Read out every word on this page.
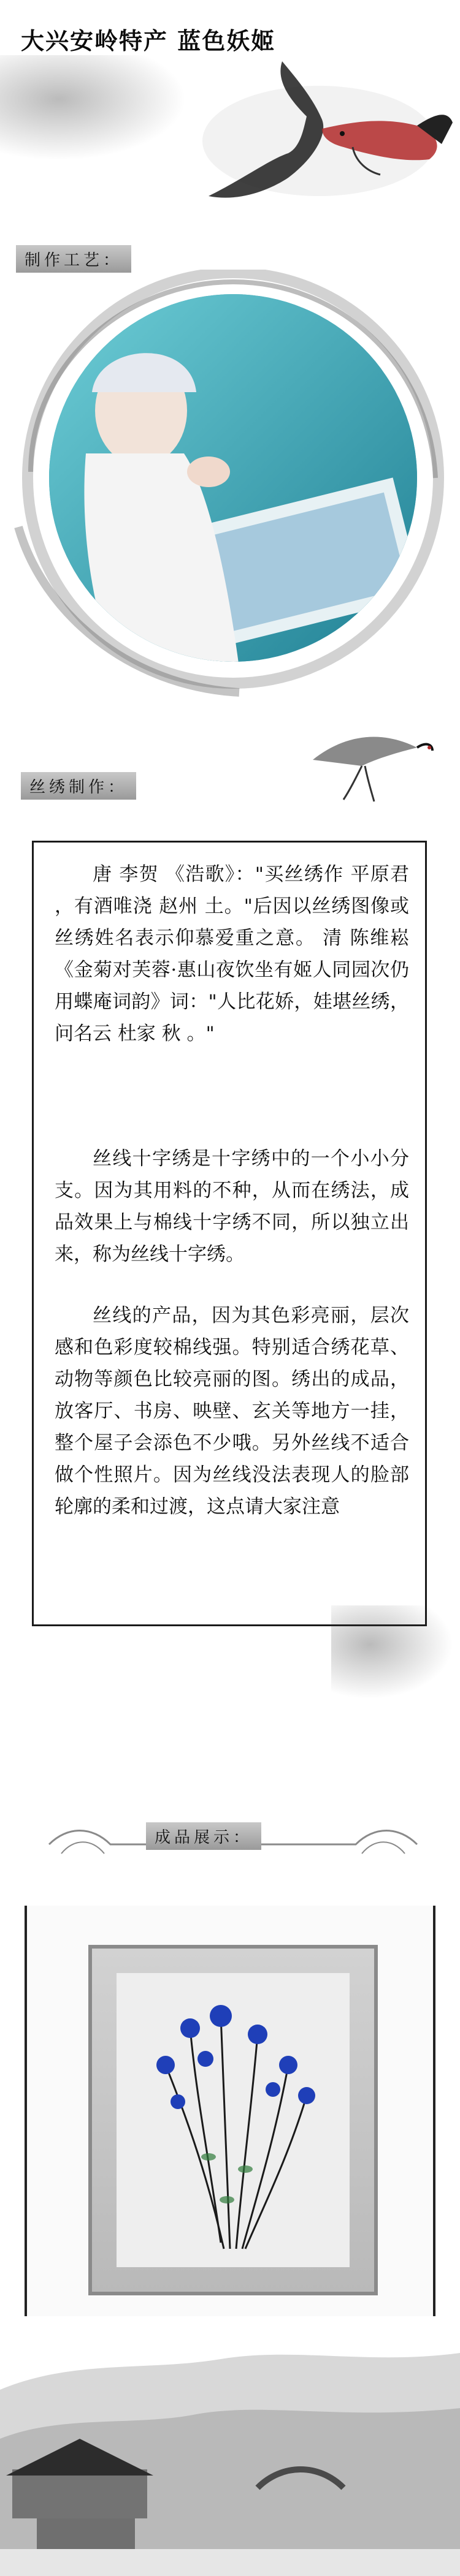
大兴安岭特产 蓝色妖姬
制作工艺：
丝绣制作：
唐 李贺 《浩歌》："买丝绣作 平原君 ，有酒唯浇 赵州 土。"后因以丝绣图像或丝绣姓名表示仰慕爱重之意。 清 陈维崧 《金菊对芙蓉·惠山夜饮坐有姬人同园次仍用蝶庵词韵》词："人比花娇，娃堪丝绣，问名云 杜家 秋 。"
丝线十字绣是十字绣中的一个小小分支。因为其用料的不种，从而在绣法，成品效果上与棉线十字绣不同，所以独立出来，称为丝线十字绣。
丝线的产品，因为其色彩亮丽，层次感和色彩度较棉线强。特别适合绣花草、动物等颜色比较亮丽的图。绣出的成品，放客厅、书房、映壁、玄关等地方一挂，整个屋子会添色不少哦。另外丝线不适合做个性照片。因为丝线没法表现人的脸部轮廓的柔和过渡，这点请大家注意
成品展示：
